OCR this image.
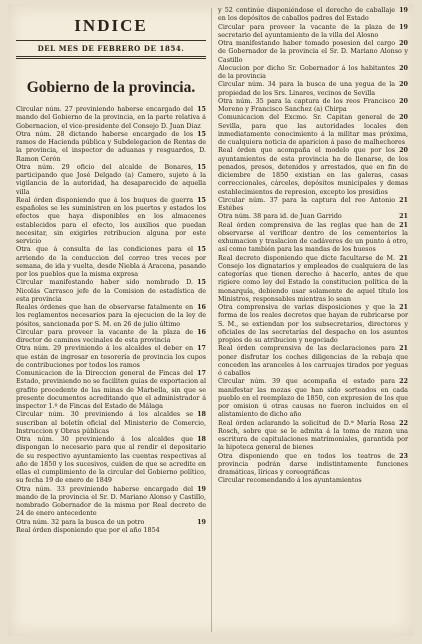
INDICE
DEL MES DE FEBRERO DE 1854.
Gobierno de la provincia.

15
Circular núm. 27 previniendo haberse encargado del mando del Gobierno de la provincia, en la parte relativa á Gobernacion, el vice-presidente del Consejo D. Juan Diaz

15
Otra núm. 28 dictando haberse encargado de los ramos de Hacienda pública y Subdelegacion de Rentas de la provincia, el inspector de aduanas y resguardos, D. Ramon Cerón

15
Otra núm. 29 oficio del alcalde de Bonares, participando que José Delgado (a) Camero, sujeto á la vigilancia de la autoridad, ha desaparecido de aquella villa

15
Real órden disponiendo que á los buques de guerra españoles se les suministren en los puertos y estados los efectos que haya disponibles en los almacenes establecidos para el efecto, los auxilios que puedan necesitar, sin exigirles retribucion alguna por este servicio

15
Otra que á consulta de las condiciones para el arriendo de la conduccion del correo tres veces por semana, de ida y vuelta, desde Niebla á Aracena, pasando por los pueblos que la misma expresa

15
Circular manifestando haber sido nombrado D. Nicolás Carrasco jefe de la Comision de estadística de esta provincia

16
Reales órdenes que han de observarse fatalmente en los reglamentos necesarios para la ejecucion de la ley de pósitos, sancionada por S. M. en 26 de julio último

16
Circular para proveer la vacante de la plaza de director de caminos vecinales de esta provincia

17
Otra núm. 29 previniendo á los alcaldes el deber en que están de ingresar en tesorería de provincia los cupos de contribuciones por todos los ramos

17
Comunicacion de la Direccion general de Fincas del Estado, previniendo no se faciliten guias de exportacion al grafito procedente de las minas de Marbella, sin que se presente documentos acreditando que el administrador á inspector 1.º de Fincas del Estado de Málaga

18
Circular núm. 30 previniendo á los alcaldes se suscriban al boletín oficial del Ministerio de Comercio, Instruccion y Obras públicas

18
Otra núm. 30 previniendo á los alcaldes que dispongan lo necesario para que al rendir el depositario de su respectivo ayuntamiento las cuentas respectivas al año de 1850 y los sucesivos, cuiden de que se acredite en ellas el cumplimiento de la circular del Gobierno político, su fecha 19 de enero de 1849

19
Otra núm. 33 previniendo haberse encargado del mando de la provincia el Sr. D. Mariano Alonso y Castillo, nombrado Gobernador de la misma por Real decreto de 24 de enero antecedente

19
Otra núm. 32 para la busca de un potro

Real órden disponiendo que por el año 1854

19
y 52 continúe disponiéndose el derecho de caballaje en los depósitos de caballos padres del Estado

19
Circular para proveer la vacante de la plaza de secretario del ayuntamiento de la villa del Alosno

20
Otra manifestando haber tomado posesion del cargo de Gobernador de la provincia el Sr. D. Mariano Alonso y Castillo

20
Alocucion por dicho Sr. Gobernador á los habitantes de la provincia

20
Circular núm. 34 para la busca de una yegua de la propiedad de los Srs. Linares, vecinos de Sevilla

20
Otra núm. 35 para la captura de los reos Francisco Moreno y Francisco Sanchez (a) Chirpa

20
Comunicacion del Excmo. Sr. Capitan general de Sevilla, para que las autoridades locales den inmediatamente conocimiento á la militar mas próxima, de cualquiera noticia de aparicion á paso de malhechores

20
Real órden que acompaña el modelo que por los ayuntamientos de esta provincia ha de llenarse, de los penados, presos, detenidos y arrestados, que en fin de diciembre de 1850 existian en las galeras, casas correccionales, cárceles, depósitos municipales y demas establecimientos de represion, excepto los presidios

21
Circular núm. 37 para la captura del reo Antonio Estébes

21
Otra núm. 38 para id. de Juan Garrido

21
Real órden comprensiva de las reglas que han de observarse al verificar dentro de los cementerios la exhumacion y traslacion de cadáveres de un punto á otro, así como también para las mandas de los huesos

21
Real decreto disponiendo que dicte facultarse de M. Consejo los dignatarios y empleados de cualquiera de las categorías que tienen derecho á hacerlo, antes de que rigiere como ley del Estado la constitucion política de la monarquía, debiendo usar solamente de aquel título los Ministros, responsables mientras lo sean

21
Otra comprensiva de varias disposiciones y que la forma de los reales decretos que hayan de rubricarse por S. M., se extiendan por los subsecretarios, directores y oficiales de las secretarías del despacho en los asuntos propios de su atribucion y negociado

21
Real órden comprensiva de las declaraciones para poner disfrutar los coches diligencias de la rebaja que conceden las aranceles á los carruajes tirados por yeguas ó caballos

22
Circular núm. 39 que acompaña el estado para manifestar las mozas que han sido sorteados en cada pueblo en el reemplazo de 1850, con expresion de los que por omision ú otras causas no fueron incluidos en el alistamiento de dicho año

22
Real órden aclarando la solicitud de D.ª María Rosa Rosch, sobre que se le admita á la toma de razon una escritura de capitulaciones matrimoniales, garantida por la hipoteca general de bienes

23
Otra disponiendo que en todos los teatros de provincia podrán darse indistintamente funciones dramáticas, líricas y coreográficas

Circular recomendando á los ayuntamientos
